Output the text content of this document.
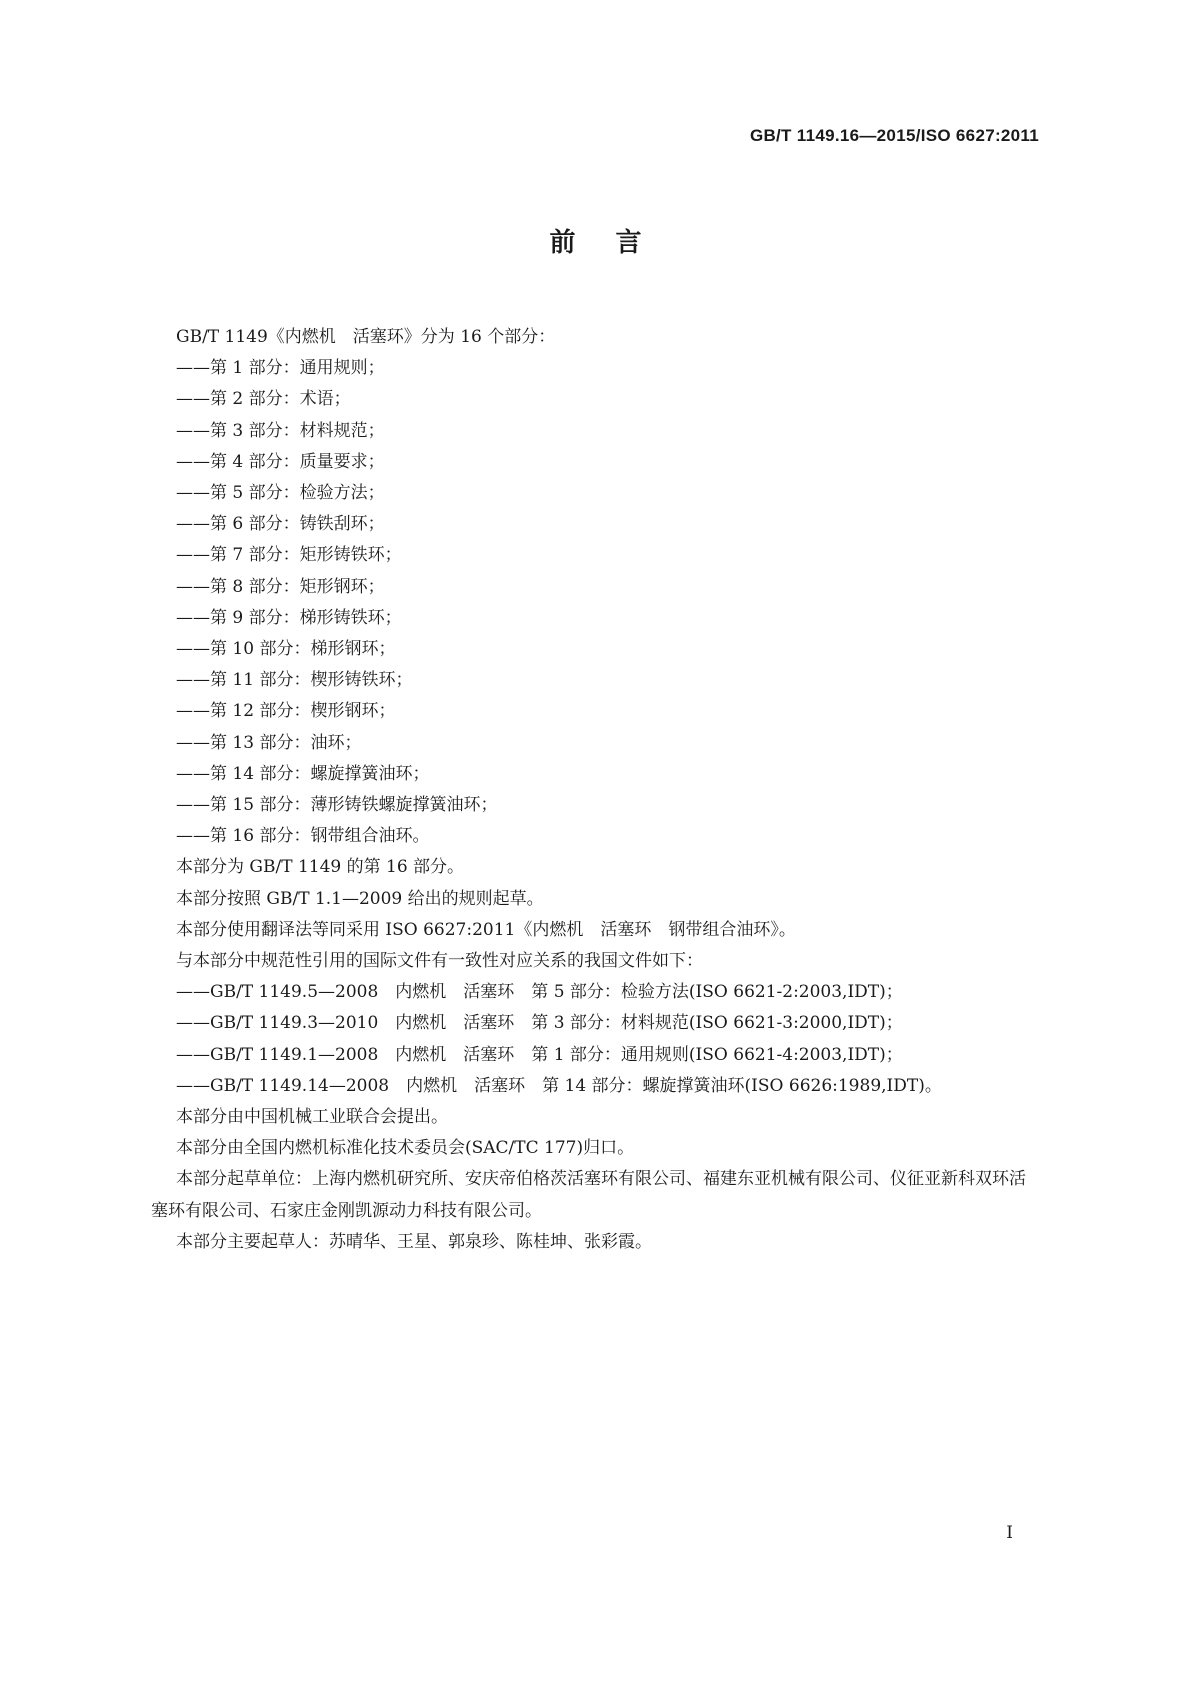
GB/T 1149.16—2015/ISO 6627:2011
前言

GB/T 1149《内燃机　活塞环》分为 16 个部分：

——第 1 部分：通用规则；

——第 2 部分：术语；

——第 3 部分：材料规范；

——第 4 部分：质量要求；

——第 5 部分：检验方法；

——第 6 部分：铸铁刮环；

——第 7 部分：矩形铸铁环；

——第 8 部分：矩形钢环；

——第 9 部分：梯形铸铁环；

——第 10 部分：梯形钢环；

——第 11 部分：楔形铸铁环；

——第 12 部分：楔形钢环；

——第 13 部分：油环；

——第 14 部分：螺旋撑簧油环；

——第 15 部分：薄形铸铁螺旋撑簧油环；

——第 16 部分：钢带组合油环。

本部分为 GB/T 1149 的第 16 部分。

本部分按照 GB/T 1.1—2009 给出的规则起草。

本部分使用翻译法等同采用 ISO 6627:2011《内燃机　活塞环　钢带组合油环》。

与本部分中规范性引用的国际文件有一致性对应关系的我国文件如下：

——GB/T 1149.5—2008　内燃机　活塞环　第 5 部分：检验方法(ISO 6621-2:2003,IDT)；

——GB/T 1149.3—2010　内燃机　活塞环　第 3 部分：材料规范(ISO 6621-3:2000,IDT)；

——GB/T 1149.1—2008　内燃机　活塞环　第 1 部分：通用规则(ISO 6621-4:2003,IDT)；

——GB/T 1149.14—2008　内燃机　活塞环　第 14 部分：螺旋撑簧油环(ISO 6626:1989,IDT)。

本部分由中国机械工业联合会提出。

本部分由全国内燃机标准化技术委员会(SAC/TC 177)归口。

本部分起草单位：上海内燃机研究所、安庆帝伯格茨活塞环有限公司、福建东亚机械有限公司、仪征亚新科双环活塞环有限公司、石家庄金刚凯源动力科技有限公司。

本部分主要起草人：苏晴华、王星、郭泉珍、陈桂坤、张彩霞。

I
